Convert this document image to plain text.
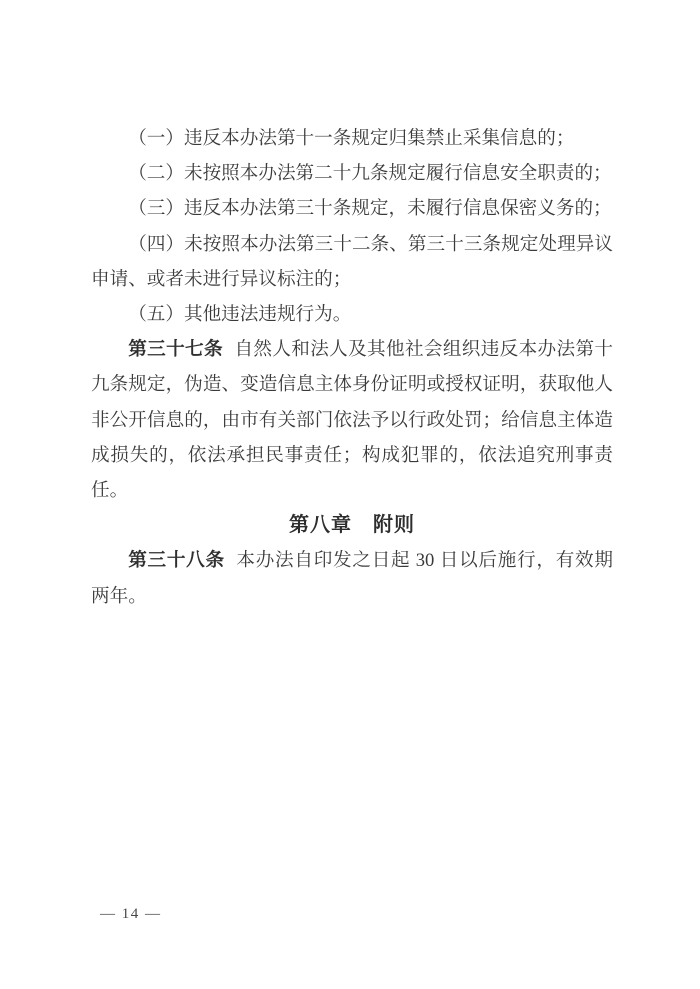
（一）违反本办法第十一条规定归集禁止采集信息的；

（二）未按照本办法第二十九条规定履行信息安全职责的；

（三）违反本办法第三十条规定，未履行信息保密义务的；

（四）未按照本办法第三十二条、第三十三条规定处理异议申请、或者未进行异议标注的；

（五）其他违法违规行为。

第三十七条 自然人和法人及其他社会组织违反本办法第十九条规定，伪造、变造信息主体身份证明或授权证明，获取他人非公开信息的，由市有关部门依法予以行政处罚；给信息主体造成损失的，依法承担民事责任；构成犯罪的，依法追究刑事责任。

第八章　附则

第三十八条 本办法自印发之日起 30 日以后施行，有效期两年。

— 14 —
